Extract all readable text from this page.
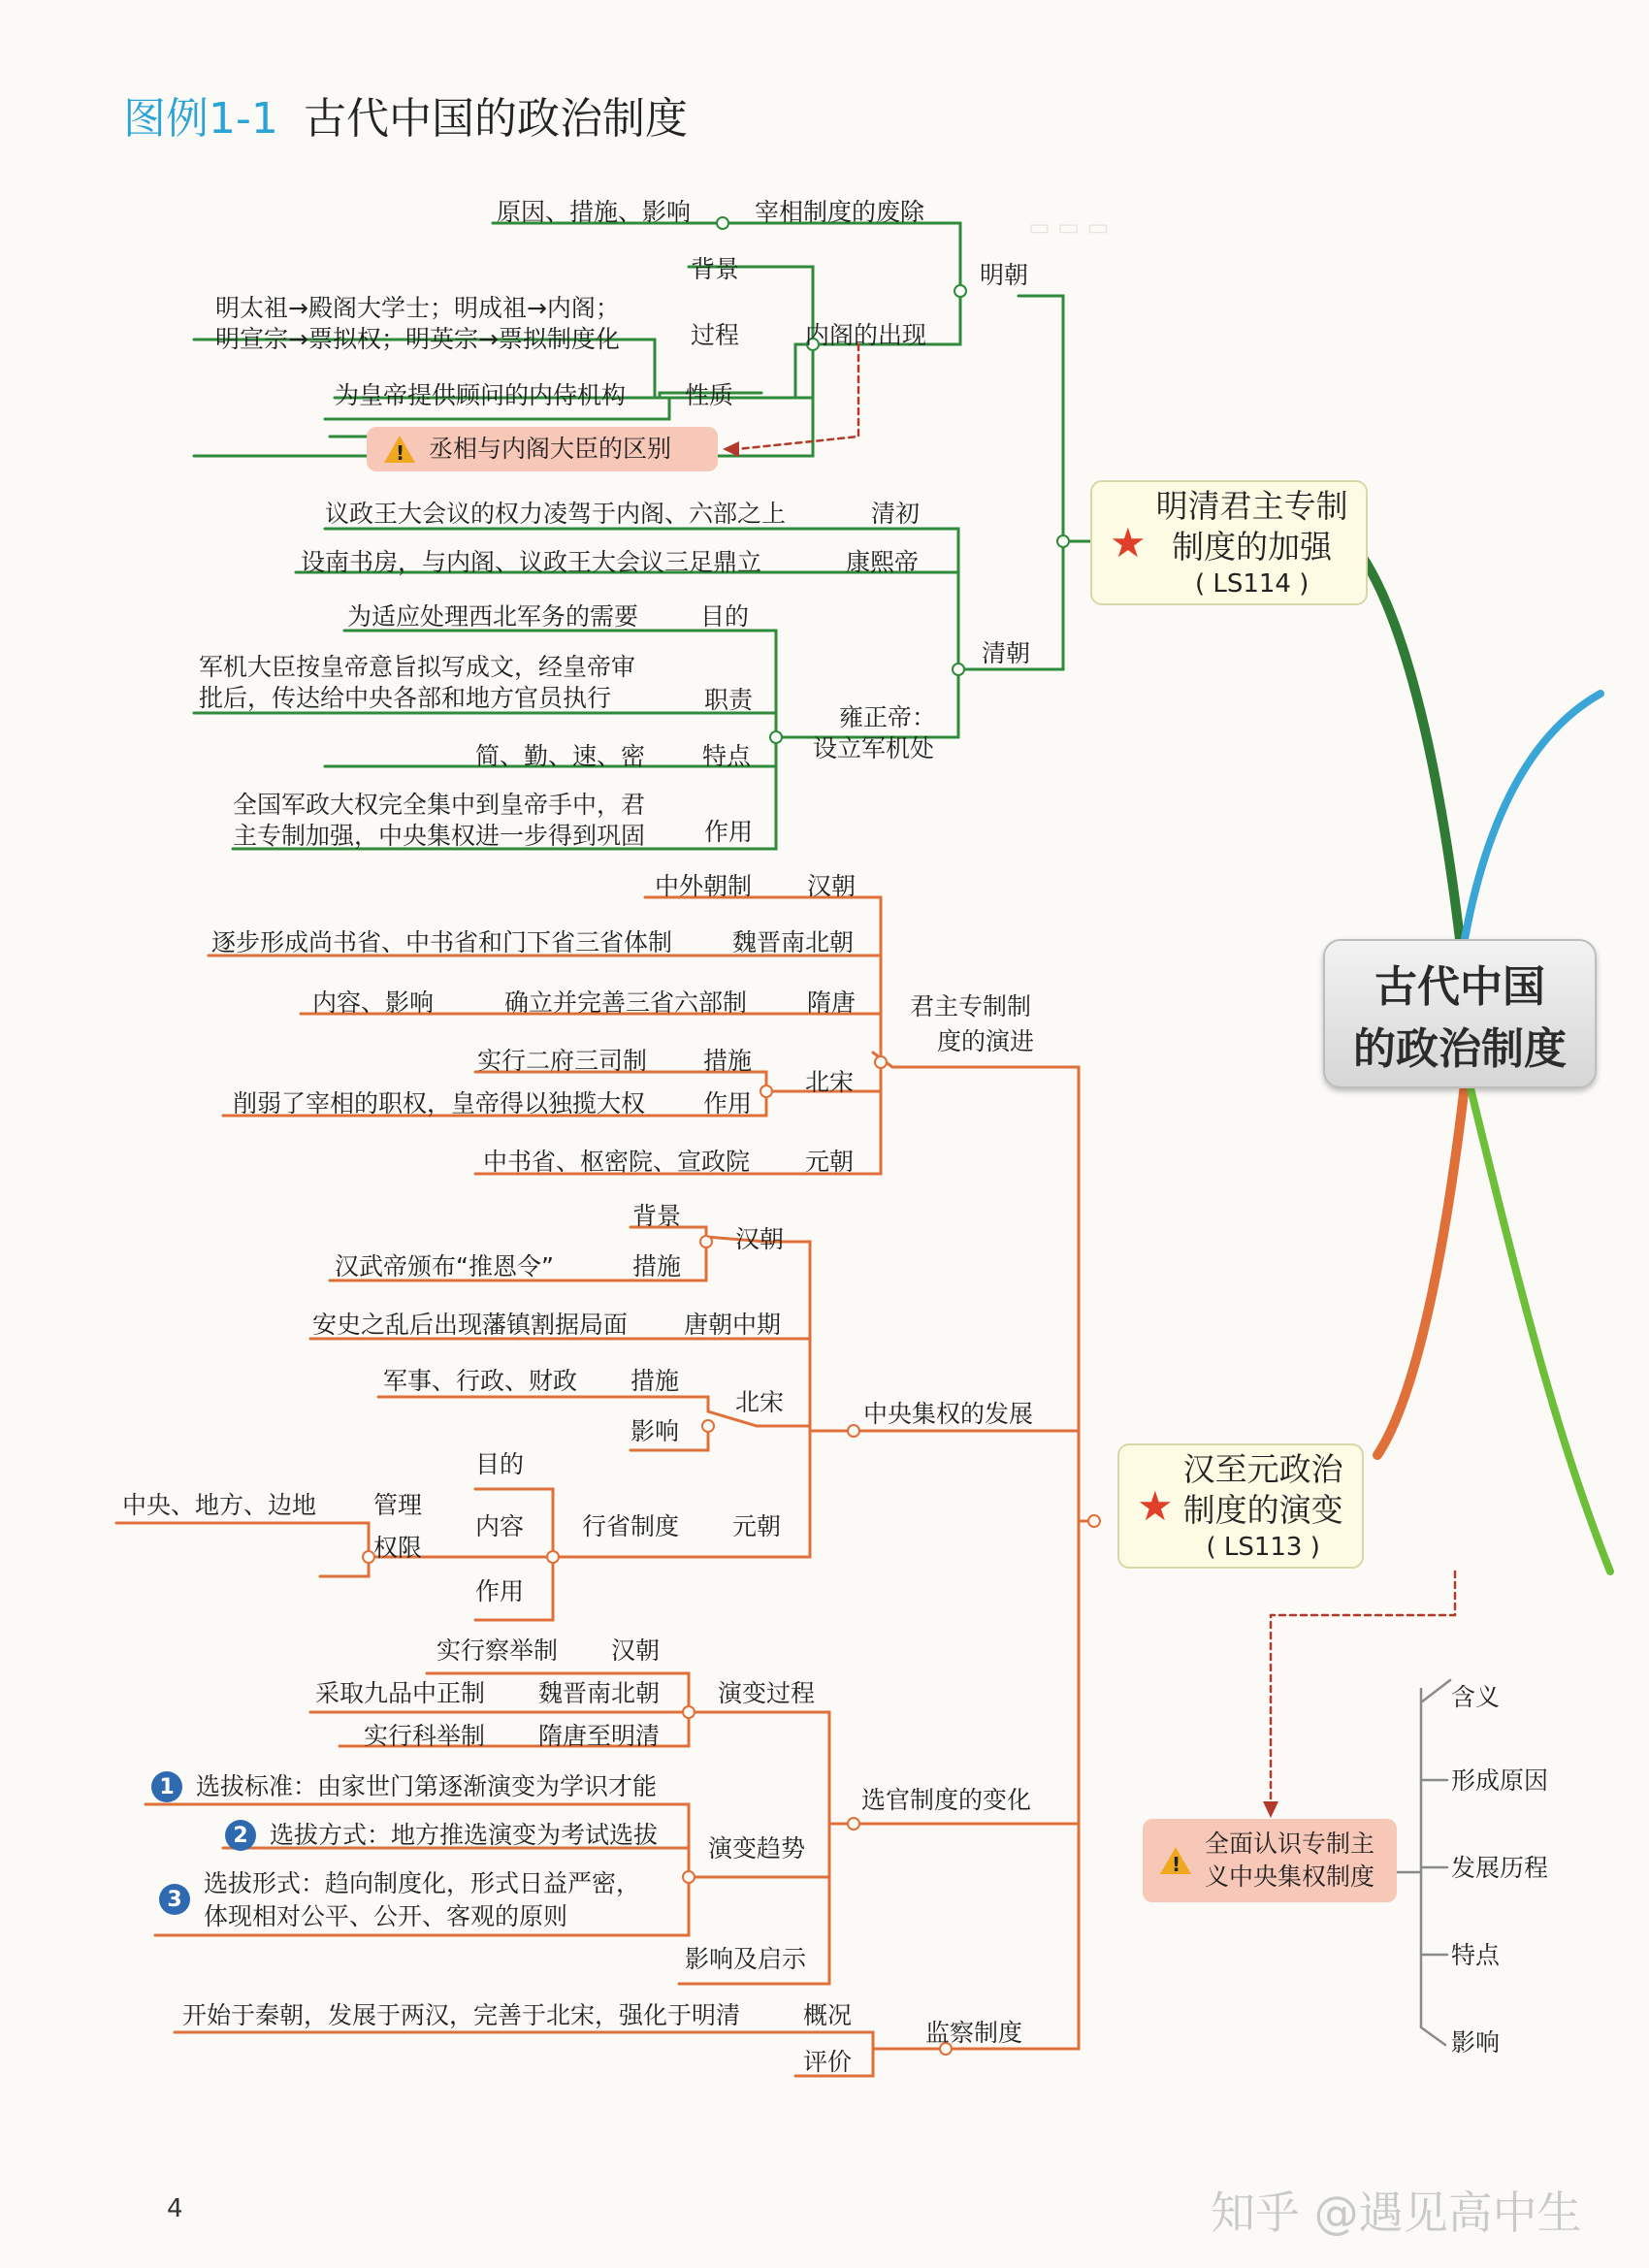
▭ ▭ ▭
图例1-1 古代中国的政治制度
古代中国
的政治制度
★
明清君主专制
制度的加强
( LS114 )
★
汉至元政治
制度的演变
( LS113 )
! 丞相与内阁大臣的区别
!
全面认识专制主
义中央集权制度
明朝
宰相制度的废除
原因、措施、影响
内阁的出现
背景
过程
明太祖→殿阁大学士；明成祖→内阁；
明宣宗→票拟权；明英宗→票拟制度化
性质
为皇帝提供顾问的内侍机构
清朝
清初
议政王大会议的权力凌驾于内阁、六部之上
康熙帝
设南书房，与内阁、议政王大会议三足鼎立
雍正帝：
设立军机处
目的
为适应处理西北军务的需要
职责
军机大臣按皇帝意旨拟写成文，经皇帝审
批后，传达给中央各部和地方官员执行
特点
简、勤、速、密
作用
全国军政大权完全集中到皇帝手中，君
主专制加强，中央集权进一步得到巩固
君主专制制
度的演进
汉朝
中外朝制
魏晋南北朝
逐步形成尚书省、中书省和门下省三省体制
隋唐
确立并完善三省六部制
内容、影响
北宋
措施
实行二府三司制
作用
削弱了宰相的职权，皇帝得以独揽大权
元朝
中书省、枢密院、宣政院
中央集权的发展
汉朝
背景
措施
汉武帝颁布“推恩令”
唐朝中期
安史之乱后出现藩镇割据局面
北宋
措施
军事、行政、财政
影响
元朝
行省制度
目的
内容
作用
管理
中央、地方、边地
权限
选官制度的变化
演变过程
汉朝
实行察举制
魏晋南北朝
采取九品中正制
隋唐至明清
实行科举制
演变趋势
1 选拔标准：由家世门第逐渐演变为学识才能
2 选拔方式：地方推选演变为考试选拔
3
选拔形式：趋向制度化，形式日益严密，
体现相对公平、公开、客观的原则
影响及启示
监察制度
概况
开始于秦朝，发展于两汉，完善于北宋，强化于明清
评价
含义
形成原因
发展历程
特点
影响
4	知乎 @遇见高中生
